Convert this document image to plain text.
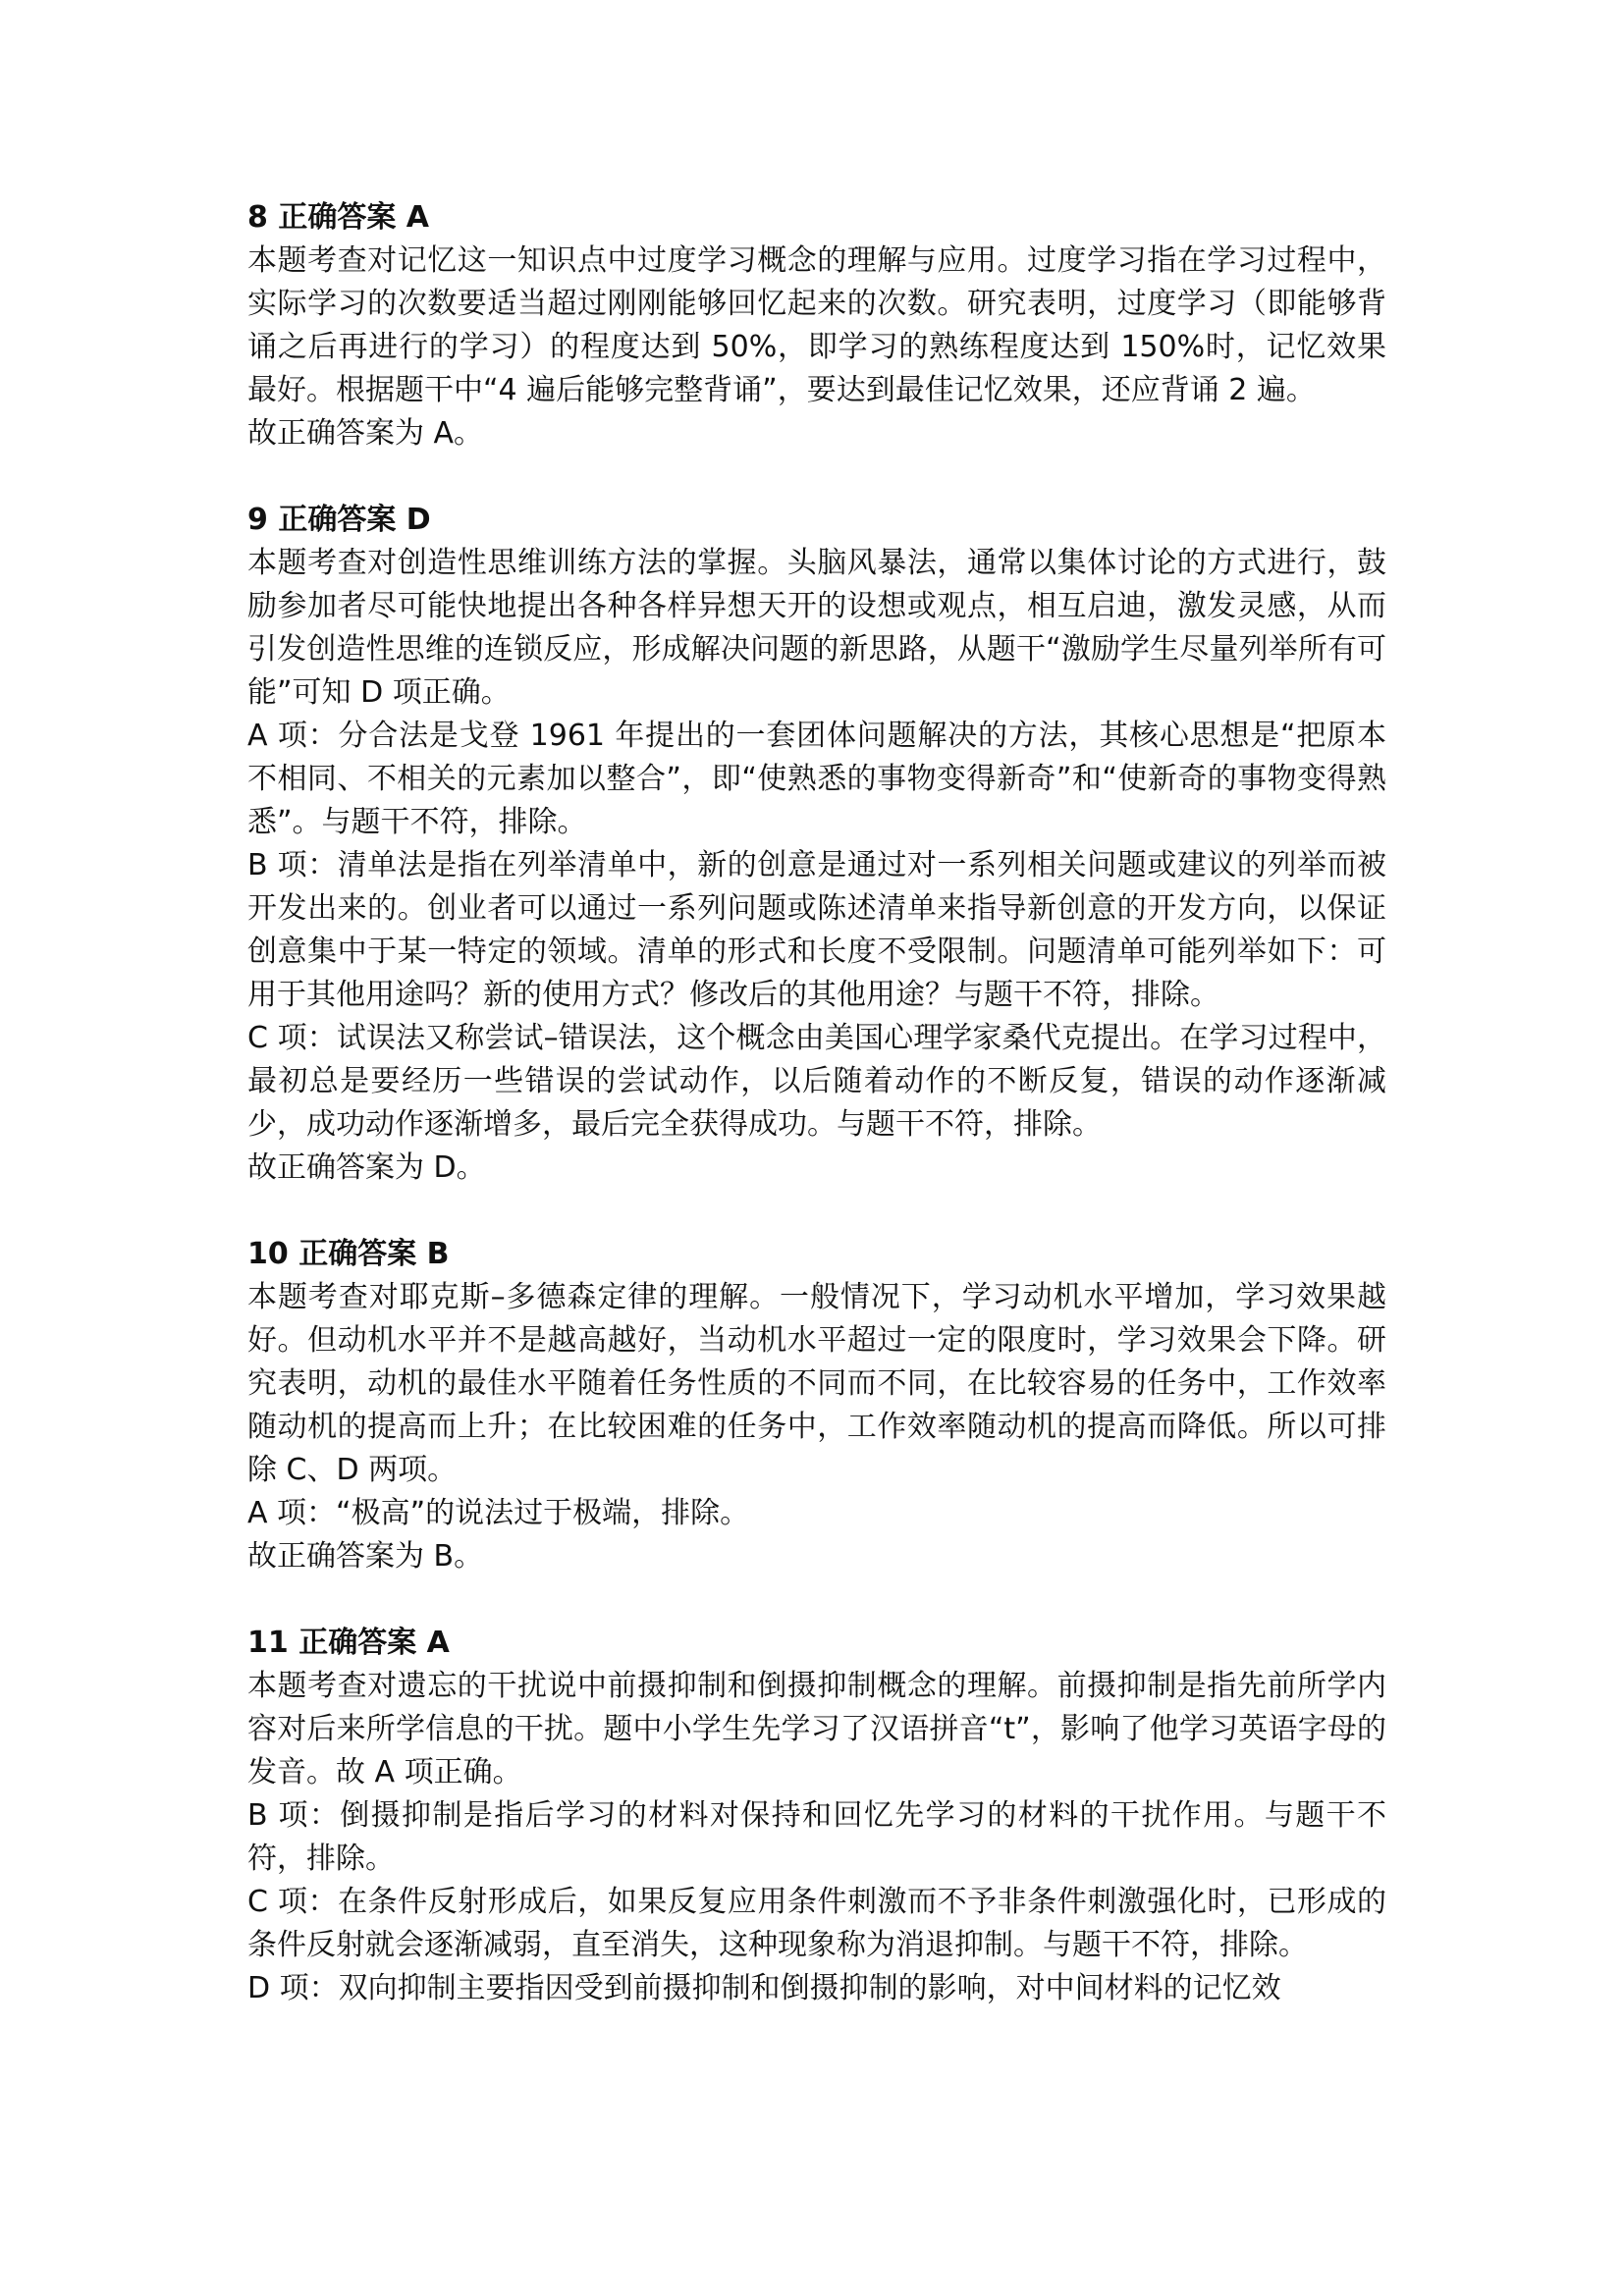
8 正确答案 A

本题考查对记忆这一知识点中过度学习概念的理解与应用。过度学习指在学习过程中，实际学习的次数要适当超过刚刚能够回忆起来的次数。研究表明，过度学习（即能够背诵之后再进行的学习）的程度达到 50%，即学习的熟练程度达到 150%时，记忆效果最好。根据题干中“4 遍后能够完整背诵”，要达到最佳记忆效果，还应背诵 2 遍。

故正确答案为 A。

9 正确答案 D

本题考查对创造性思维训练方法的掌握。头脑风暴法，通常以集体讨论的方式进行，鼓励参加者尽可能快地提出各种各样异想天开的设想或观点，相互启迪，激发灵感，从而引发创造性思维的连锁反应，形成解决问题的新思路，从题干“激励学生尽量列举所有可能”可知 D 项正确。

A 项：分合法是戈登 1961 年提出的一套团体问题解决的方法，其核心思想是“把原本不相同、不相关的元素加以整合”，即“使熟悉的事物变得新奇”和“使新奇的事物变得熟悉”。与题干不符，排除。

B 项：清单法是指在列举清单中，新的创意是通过对一系列相关问题或建议的列举而被开发出来的。创业者可以通过一系列问题或陈述清单来指导新创意的开发方向，以保证创意集中于某一特定的领域。清单的形式和长度不受限制。问题清单可能列举如下：可用于其他用途吗？新的使用方式？修改后的其他用途？与题干不符，排除。

C 项：试误法又称尝试–错误法，这个概念由美国心理学家桑代克提出。在学习过程中，最初总是要经历一些错误的尝试动作，以后随着动作的不断反复，错误的动作逐渐减少，成功动作逐渐增多，最后完全获得成功。与题干不符，排除。

故正确答案为 D。

10 正确答案 B

本题考查对耶克斯–多德森定律的理解。一般情况下，学习动机水平增加，学习效果越好。但动机水平并不是越高越好，当动机水平超过一定的限度时，学习效果会下降。研究表明，动机的最佳水平随着任务性质的不同而不同，在比较容易的任务中，工作效率随动机的提高而上升；在比较困难的任务中，工作效率随动机的提高而降低。所以可排除 C、D 两项。

A 项：“极高”的说法过于极端，排除。

故正确答案为 B。

11 正确答案 A

本题考查对遗忘的干扰说中前摄抑制和倒摄抑制概念的理解。前摄抑制是指先前所学内容对后来所学信息的干扰。题中小学生先学习了汉语拼音“t”，影响了他学习英语字母的发音。故 A 项正确。

B 项：倒摄抑制是指后学习的材料对保持和回忆先学习的材料的干扰作用。与题干不符，排除。

C 项：在条件反射形成后，如果反复应用条件刺激而不予非条件刺激强化时，已形成的条件反射就会逐渐减弱，直至消失，这种现象称为消退抑制。与题干不符，排除。

D 项：双向抑制主要指因受到前摄抑制和倒摄抑制的影响，对中间材料的记忆效
